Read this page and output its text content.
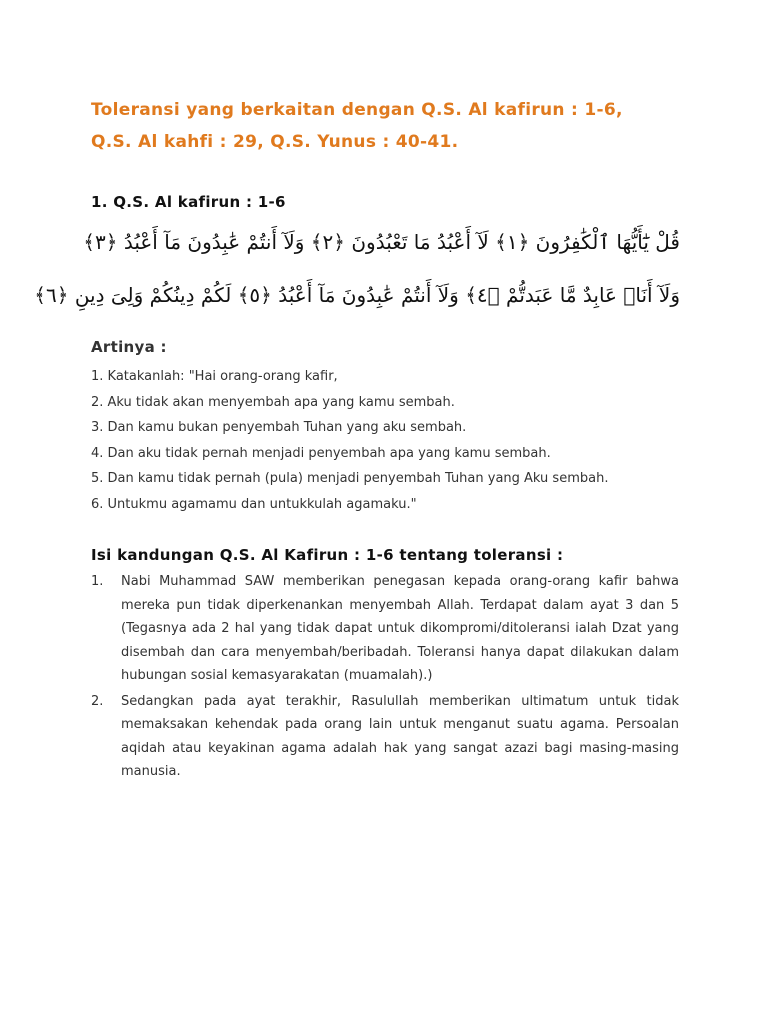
Toleransi yang berkaitan dengan Q.S. Al kafirun : 1-6,
Q.S. Al kahfi : 29, Q.S. Yunus : 40-41.
1. Q.S. Al kafirun : 1-6
قُلْ يَٰٓأَيُّهَا ٱلْكَٰفِرُونَ ﴿١﴾ لَآ أَعْبُدُ مَا تَعْبُدُونَ ﴿٢﴾ وَلَآ أَنتُمْ عَٰبِدُونَ مَآ أَعْبُدُ ﴿٣﴾
وَلَآ أَنَا۠ عَابِدٌ مَّا عَبَدتُّمْ ﴿٤﴾ وَلَآ أَنتُمْ عَٰبِدُونَ مَآ أَعْبُدُ ﴿٥﴾ لَكُمْ دِينُكُمْ وَلِىَ دِينِ ﴿٦﴾
Artinya :
1. Katakanlah: "Hai orang-orang kafir,
2. Aku tidak akan menyembah apa yang kamu sembah.
3. Dan kamu bukan penyembah Tuhan yang aku sembah.
4. Dan aku tidak pernah menjadi penyembah apa yang kamu sembah.
5. Dan kamu tidak pernah (pula) menjadi penyembah Tuhan yang Aku sembah.
6. Untukmu agamamu dan untukkulah agamaku."
Isi kandungan Q.S. Al Kafirun : 1-6 tentang toleransi :
1. Nabi Muhammad SAW memberikan penegasan kepada orang-orang kafir bahwa mereka pun tidak diperkenankan menyembah Allah. Terdapat dalam ayat 3 dan 5 (Tegasnya ada 2 hal yang tidak dapat untuk dikompromi/ditoleransi ialah Dzat yang disembah dan cara menyembah/beribadah. Toleransi hanya dapat dilakukan dalam hubungan sosial kemasyarakatan (muamalah).)
2. Sedangkan pada ayat terakhir, Rasulullah memberikan ultimatum untuk tidak memaksakan kehendak pada orang lain untuk menganut suatu agama. Persoalan aqidah atau keyakinan agama adalah hak yang sangat azazi bagi masing-masing manusia.
